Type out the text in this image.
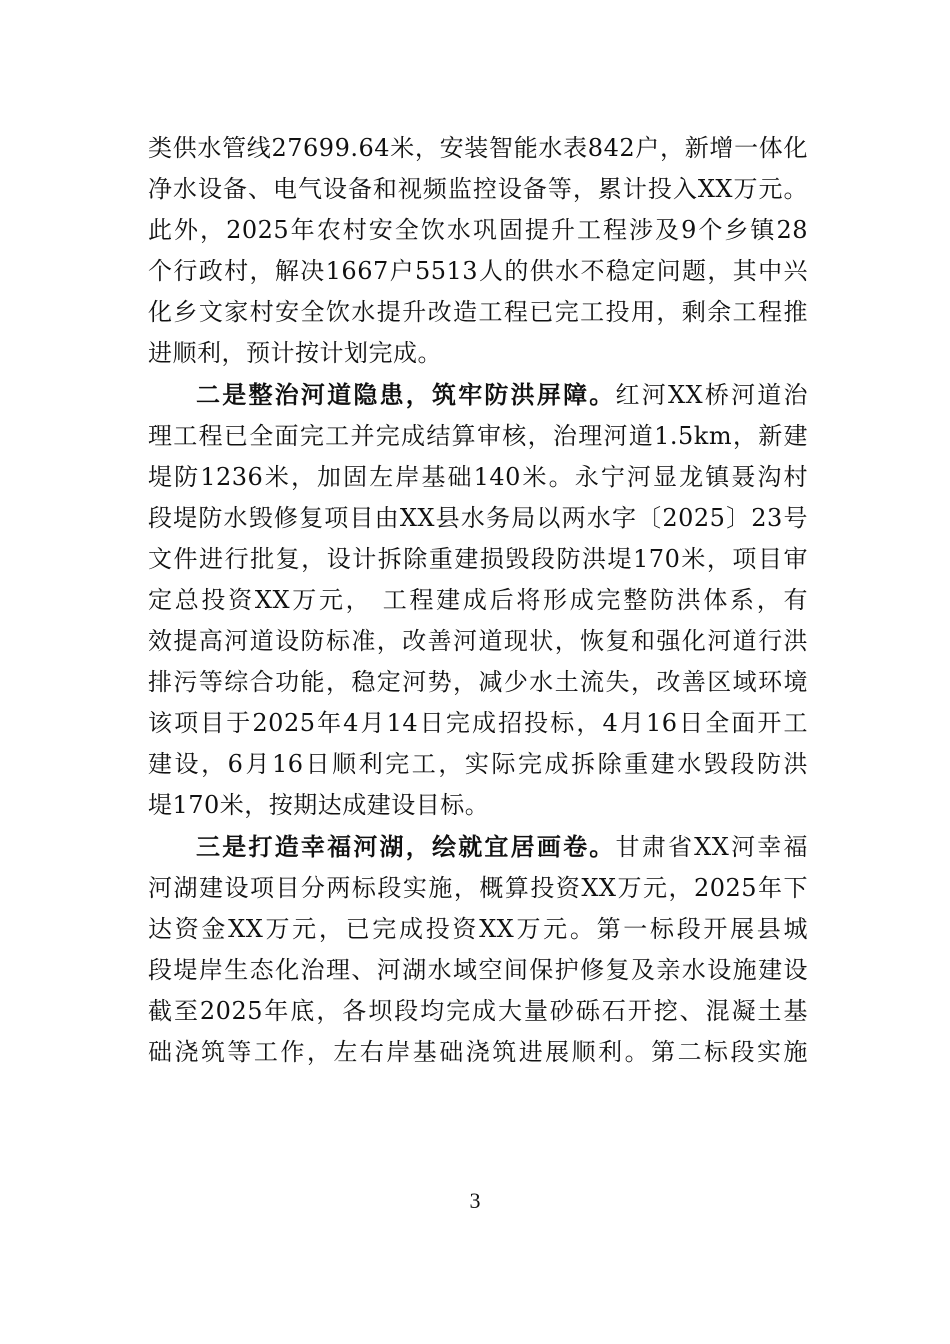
类供水管线27699.64米，安装智能水表842户，新增一体化
净水设备、电气设备和视频监控设备等，累计投入XX万元。
此外，2025年农村安全饮水巩固提升工程涉及9个乡镇28
个行政村，解决1667户5513人的供水不稳定问题，其中兴
化乡文家村安全饮水提升改造工程已完工投用，剩余工程推
进顺利，预计按计划完成。

二是整治河道隐患，筑牢防洪屏障。红河XX桥河道治
理工程已全面完工并完成结算审核，治理河道1.5km，新建
堤防1236米，加固左岸基础140米。永宁河显龙镇聂沟村
段堤防水毁修复项目由XX县水务局以两水字〔2025〕23号
文件进行批复，设计拆除重建损毁段防洪堤170米，项目审
定总投资XX万元， 工程建成后将形成完整防洪体系，有
效提高河道设防标准，改善河道现状，恢复和强化河道行洪
排污等综合功能，稳定河势，减少水土流失，改善区域环境
该项目于2025年4月14日完成招投标，4月16日全面开工
建设，6月16日顺利完工，实际完成拆除重建水毁段防洪
堤170米，按期达成建设目标。

三是打造幸福河湖，绘就宜居画卷。甘肃省XX河幸福
河湖建设项目分两标段实施，概算投资XX万元，2025年下
达资金XX万元，已完成投资XX万元。第一标段开展县城
段堤岸生态化治理、河湖水域空间保护修复及亲水设施建设
截至2025年底，各坝段均完成大量砂砾石开挖、混凝土基
础浇筑等工作，左右岸基础浇筑进展顺利。第二标段实施

3
